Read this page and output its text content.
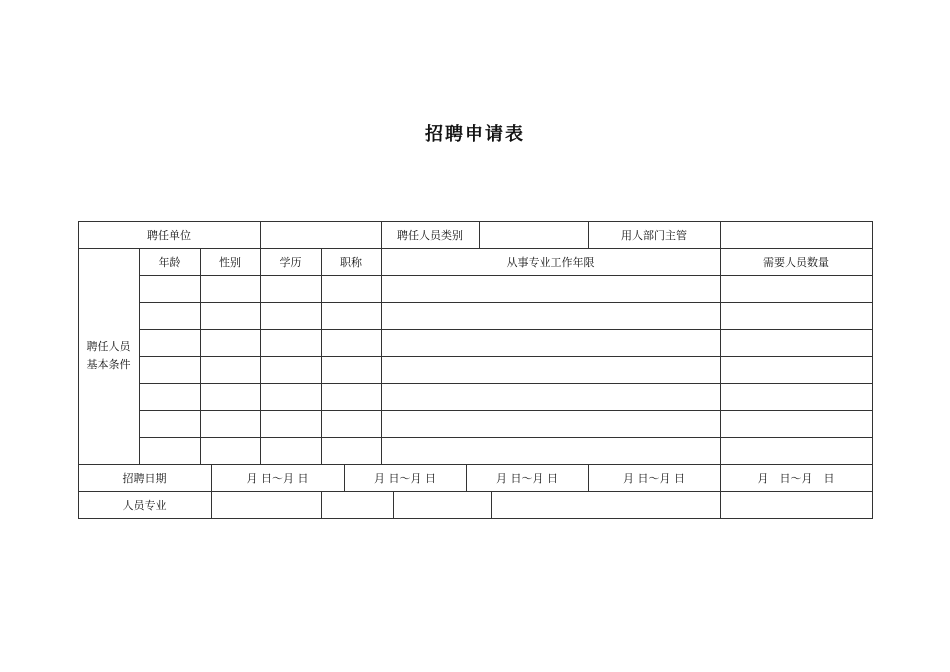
招聘申请表
聘任单位	聘任人员类别	用人部门主管
聘任人员
基本条件
年龄	性别	学历	职称	从事专业工作年限	需要人员数量
招聘日期	月 日～月 日	月 日～月 日	月 日～月 日	月 日～月 日	月　日～月　日
人员专业
